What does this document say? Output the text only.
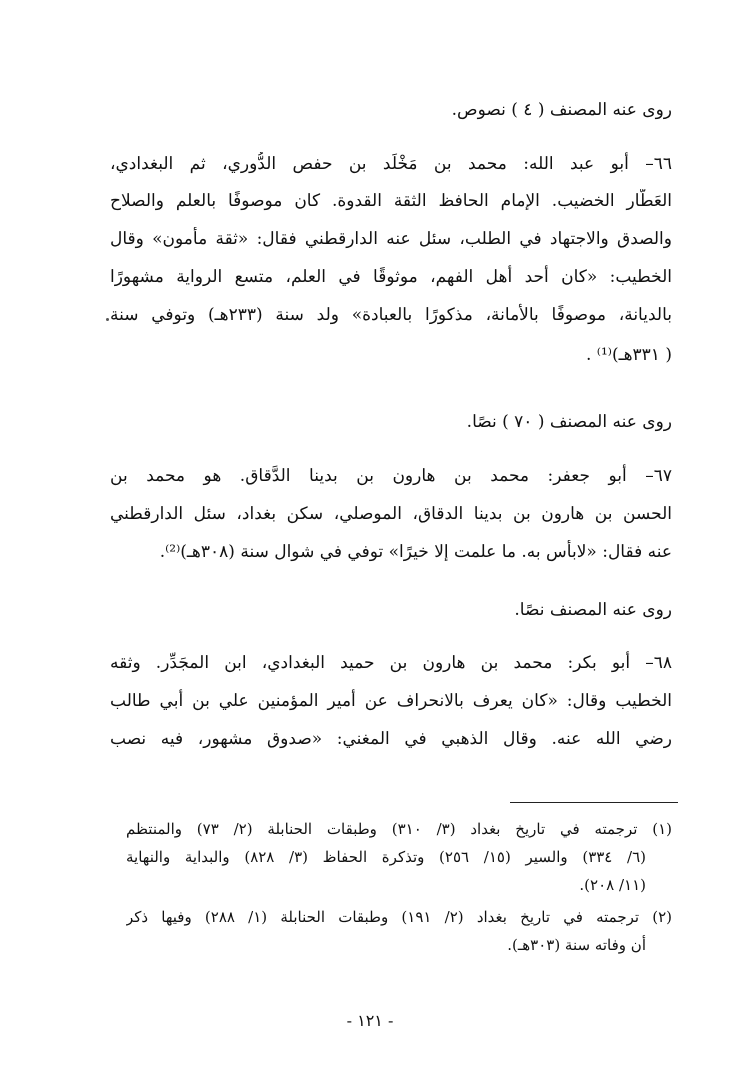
روى عنه المصنف ( ٤ ) نصوص.
٦٦– أبو عبد الله: محمد بن مَخْلَد بن حفص الدُّوري، ثم البغدادي،
العَطَّار الخضيب. الإمام الحافظ الثقة القدوة. كان موصوفًا بالعلم والصلاح
والصدق والاجتهاد في الطلب، سئل عنه الدارقطني فقال: «ثقة مأمون» وقال
الخطيب: «كان أحد أهل الفهم، موثوقًا في العلم، متسع الرواية مشهورًا
بالديانة، موصوفًا بالأمانة، مذكورًا بالعبادة» ولد سنة (٢٣٣هـ) وتوفي سنة
( ٣٣١هـ)⁽¹⁾ .
روى عنه المصنف ( ٧٠ ) نصًا.
٦٧– أبو جعفر: محمد بن هارون بن بدينا الدَّقاق. هو محمد بن
الحسن بن هارون بن بدينا الدقاق، الموصلي، سكن بغداد، سئل الدارقطني
عنه فقال: «لابأس به. ما علمت إلا خيرًا» توفي في شوال سنة (٣٠٨هـ)⁽²⁾.
روى عنه المصنف نصًا.
٦٨– أبو بكر: محمد بن هارون بن حميد البغدادي، ابن المجَدِّر. وثقه
الخطيب وقال: «كان يعرف بالانحراف عن أمير المؤمنين علي بن أبي طالب
رضي الله عنه. وقال الذهبي في المغني: «صدوق مشهور، فيه نصب
(١) ترجمته في تاريخ بغداد (٣/ ٣١٠) وطبقات الحنابلة (٢/ ٧٣) والمنتظم
(٦/ ٣٣٤) والسير (١٥/ ٢٥٦) وتذكرة الحفاظ (٣/ ٨٢٨) والبداية والنهاية
(١١/ ٢٠٨).
(٢) ترجمته في تاريخ بغداد (٢/ ١٩١) وطبقات الحنابلة (١/ ٢٨٨) وفيها ذكر
أن وفاته سنة (٣٠٣هـ).
- ١٢١ -
